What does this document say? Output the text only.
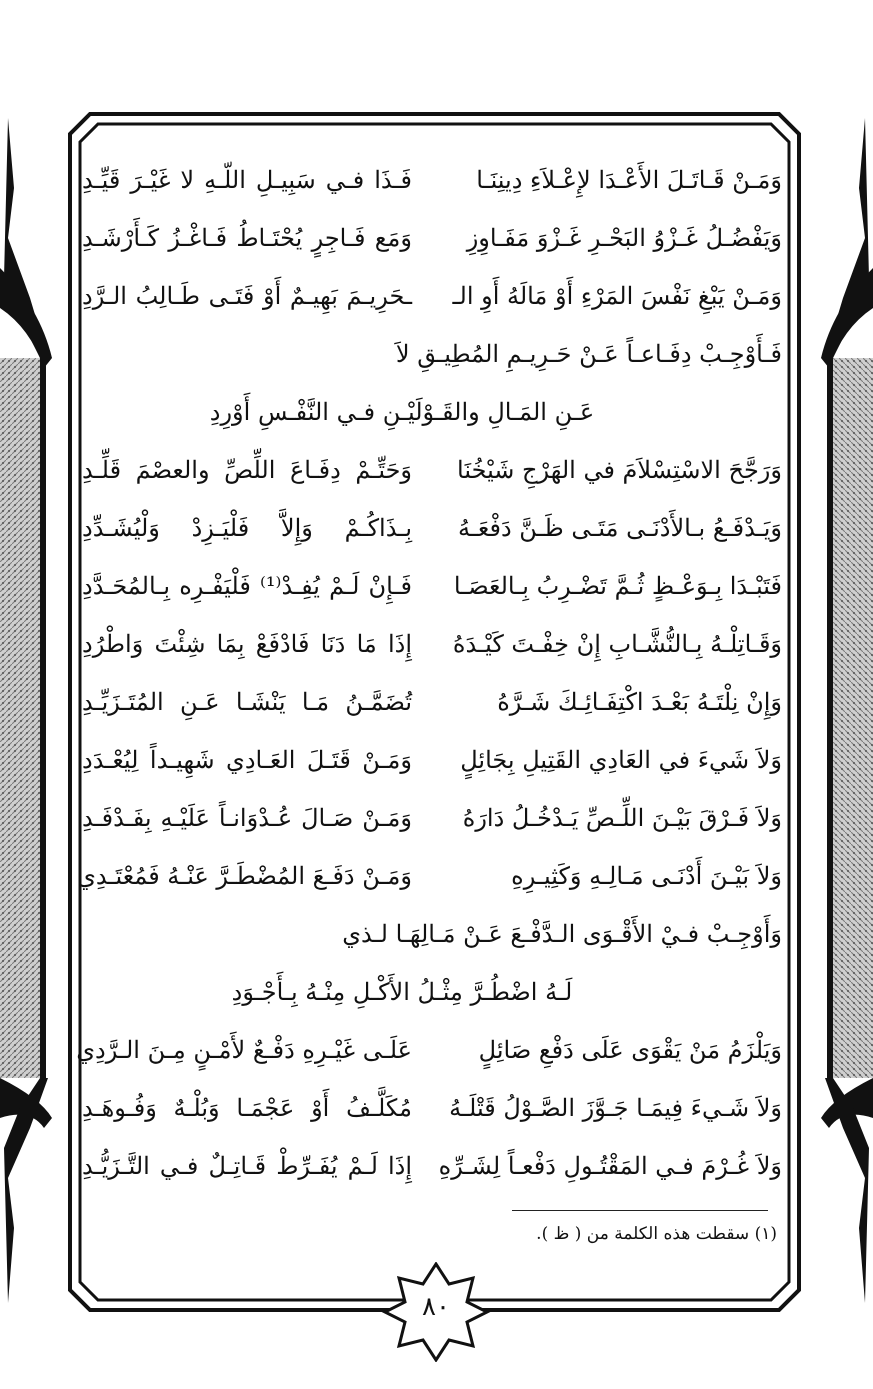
وَمَـنْ قَـاتَـلَ الأَعْـدَا لإِعْـلاَءِ دِينِنَـا
فَـذَا فـي سَبِيـلِ اللّـهِ لا غَيْـرَ قَيِّـدِ
وَيَفْضُـلُ غَـزْوُ البَحْـرِ غَـزْوَ مَفَـاوِزِ
وَمَع فَـاجِرٍ يُحْتَـاطُ فَـاغْـزُ كَـأَرْشَـدِ
وَمَـنْ يَبْغِ نَفْسَ المَرْءِ أَوْ مَالَهُ أَوِ الـ
ـحَرِيـمَ بَهِيـمٌ أَوْ فَتَـى طَـالِبُ الـرَّدِ
فَـأَوْجِـبْ دِفَـاعـاً عَـنْ حَـرِيـمِ المُطِيـقِ لاَ
عَـنِ المَـالِ والقَـوْلَيْـنِ فـي النَّفْـسِ أَوْرِدِ
وَرَجَّحَ الاسْتِسْلاَمَ في الهَرْجِ شَيْخُنَا
وَحَتِّـمْ دِفَـاعَ اللِّصِّ والعصْمَ قَلِّـدِ
وَيَـدْفَـعُ بـالأَدْنَـى مَتَـى ظَـنَّ دَفْعَـهُ
بِـذَاكُـمْ وَإِلاَّ فَلْيَـزِدْ وَلْيُشَـدِّدِ
فَتَبْـدَا بِـوَعْـظٍ ثُـمَّ تَضْـرِبُ بِـالعَصَـا
فَـإِنْ لَـمْ يُفِـدْ⁽¹⁾ فَلْيَفْـرِه بِـالمُحَـدَّدِ
وَقَـاتِلْـهُ بِـالنُّشَّـابِ إِنْ خِفْـتَ كَيْـدَهُ
إِذَا مَا دَنَا فَادْفَعْ بِمَا شِئْتَ وَاطْرُدِ
وَإِنْ نِلْتَـهُ بَعْـدَ اكْتِفَـائِـكَ شَـرَّهُ
تُضَمَّـنُ مَـا يَنْشَـا عَـنِ المُتَـزَيِّـدِ
وَلاَ شَيءَ في العَادِي القَتِيلِ بِجَائِلٍ
وَمَـنْ قَتَـلَ العَـادِي شَهِيـداً لِيُعْـدَدِ
وَلاَ فَـرْقَ بَيْـنَ اللِّـصِّ يَـدْخُـلُ دَارَهُ
وَمَـنْ صَـالَ عُـدْوَانـاً عَلَيْـهِ بِفَـدْفَـدِ
وَلاَ بَيْـنَ أَدْنَـى مَـالِـهِ وَكَثِيـرِهِ
وَمَـنْ دَفَـعَ المُضْطَـرَّ عَنْـهُ فَمُعْتَـدِي
وَأَوْجِـبْ فـيْ الأَقْـوَى الـدَّفْـعَ عَـنْ مَـالِهَـا لـذي
لَـهُ اضْطُـرَّ مِثْـلُ الأَكْـلِ مِنْـهُ بِـأَجْـوَدِ
وَيَلْزَمُ مَنْ يَقْوَى عَلَى دَفْعِ صَائِلٍ
عَلَـى غَيْـرِهِ دَفْـعٌ لأَمْـنٍ مِـنَ الـرَّدِي
وَلاَ شَـيءَ فِيمَـا جَـوَّزَ الصَّـوْلُ قَتْلَـهُ
مُكَلَّـفُ أَوْ عَجْمَـا وَبُلْـهٌ وَفُـوهَـدِ
وَلاَ غُـرْمَ فـي المَقْتُـولِ دَفْعـاً لِشَـرِّهِ
إِذَا لَـمْ يُفَـرِّطْ قَـاتِـلٌ فـي التَّـزَيُّـدِ
(١) سقطت هذه الكلمة من ( ظ ).
٨٠
